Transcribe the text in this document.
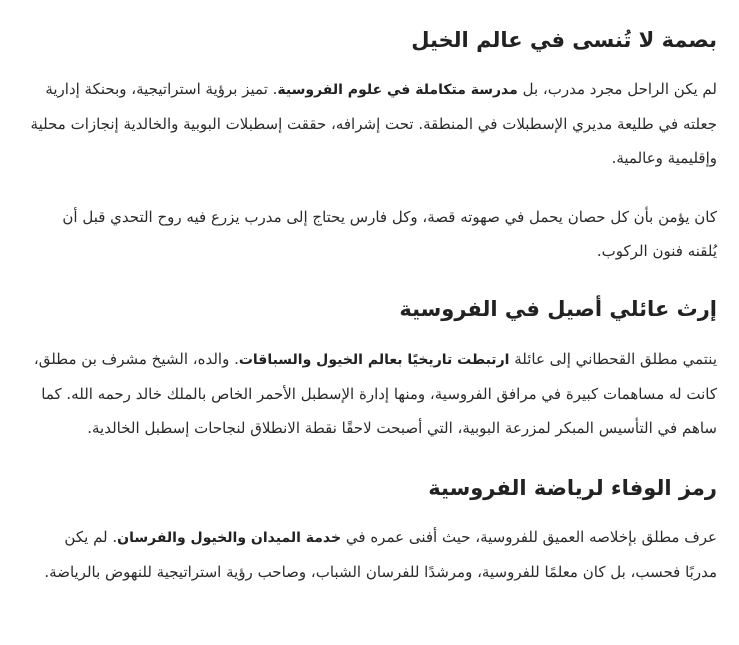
بصمة لا تُنسى في عالم الخيل

لم يكن الراحل مجرد مدرب، بل مدرسة متكاملة في علوم الفروسية. تميز برؤية استراتيجية، وبحنكة إدارية جعلته في طليعة مديري الإسطبلات في المنطقة. تحت إشرافه، حققت إسطبلات البوبية والخالدية إنجازات محلية وإقليمية وعالمية.

كان يؤمن بأن كل حصان يحمل في صهوته قصة، وكل فارس يحتاج إلى مدرب يزرع فيه روح التحدي قبل أن يُلقنه فنون الركوب.

إرث عائلي أصيل في الفروسية

ينتمي مطلق القحطاني إلى عائلة ارتبطت تاريخيًا بعالم الخيول والسباقات. والده، الشيخ مشرف بن مطلق، كانت له مساهمات كبيرة في مرافق الفروسية، ومنها إدارة الإسطبل الأحمر الخاص بالملك خالد رحمه الله. كما ساهم في التأسيس المبكر لمزرعة البوبية، التي أصبحت لاحقًا نقطة الانطلاق لنجاحات إسطبل الخالدية.

رمز الوفاء لرياضة الفروسية

عرف مطلق بإخلاصه العميق للفروسية، حيث أفنى عمره في خدمة الميدان والخيول والفرسان. لم يكن مدربًا فحسب، بل كان معلمًا للفروسية، ومرشدًا للفرسان الشباب، وصاحب رؤية استراتيجية للنهوض بالرياضة.
